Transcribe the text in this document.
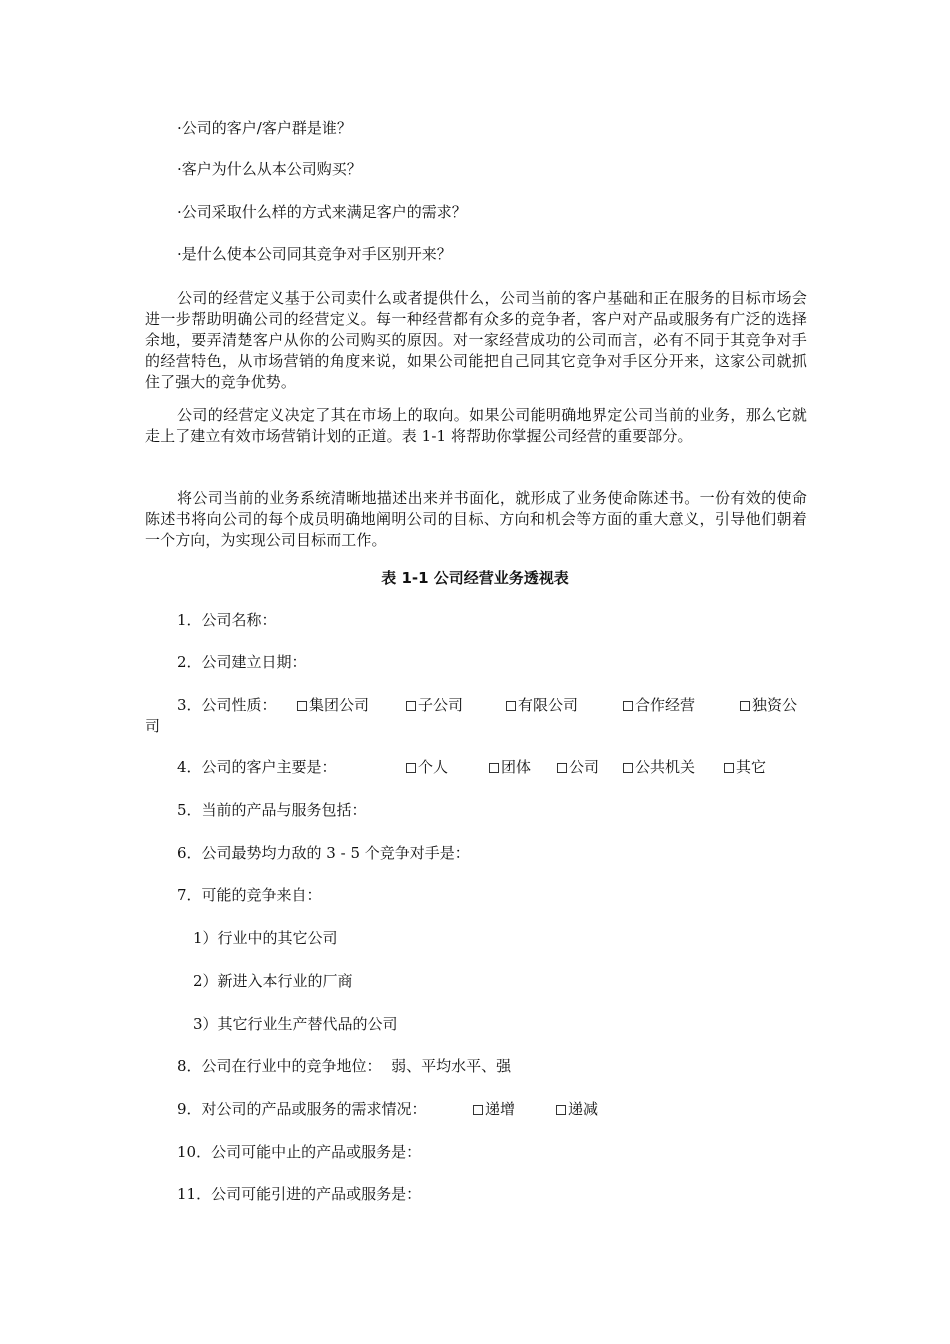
·公司的客户/客户群是谁？
·客户为什么从本公司购买？
·公司采取什么样的方式来满足客户的需求？
·是什么使本公司同其竞争对手区别开来？

公司的经营定义基于公司卖什么或者提供什么，公司当前的客户基础和正在服务的目标市场会进一步帮助明确公司的经营定义。每一种经营都有众多的竞争者，客户对产品或服务有广泛的选择余地，要弄清楚客户从你的公司购买的原因。对一家经营成功的公司而言，必有不同于其竞争对手的经营特色，从市场营销的角度来说，如果公司能把自己同其它竞争对手区分开来，这家公司就抓住了强大的竞争优势。

公司的经营定义决定了其在市场上的取向。如果公司能明确地界定公司当前的业务，那么它就走上了建立有效市场营销计划的正道。表 1-1 将帮助你掌握公司经营的重要部分。

将公司当前的业务系统清晰地描述出来并书面化，就形成了业务使命陈述书。一份有效的使命陈述书将向公司的每个成员明确地阐明公司的目标、方向和机会等方面的重大意义，引导他们朝着一个方向，为实现公司目标而工作。

表 1-1 公司经营业务透视表
1．公司名称：
2．公司建立日期：
3．公司性质：	集团公司	子公司	有限公司	合作经营	独资公
司
4．公司的客户主要是：	个人	团体	公司	公共机关	其它
5．当前的产品与服务包括：
6．公司最势均力敌的 3 - 5 个竞争对手是：
7．可能的竞争来自：
1）行业中的其它公司
2）新进入本行业的厂商
3）其它行业生产替代品的公司
8．公司在行业中的竞争地位：  弱、平均水平、强
9．对公司的产品或服务的需求情况：	递增	递减
10．公司可能中止的产品或服务是：
11．公司可能引进的产品或服务是：
